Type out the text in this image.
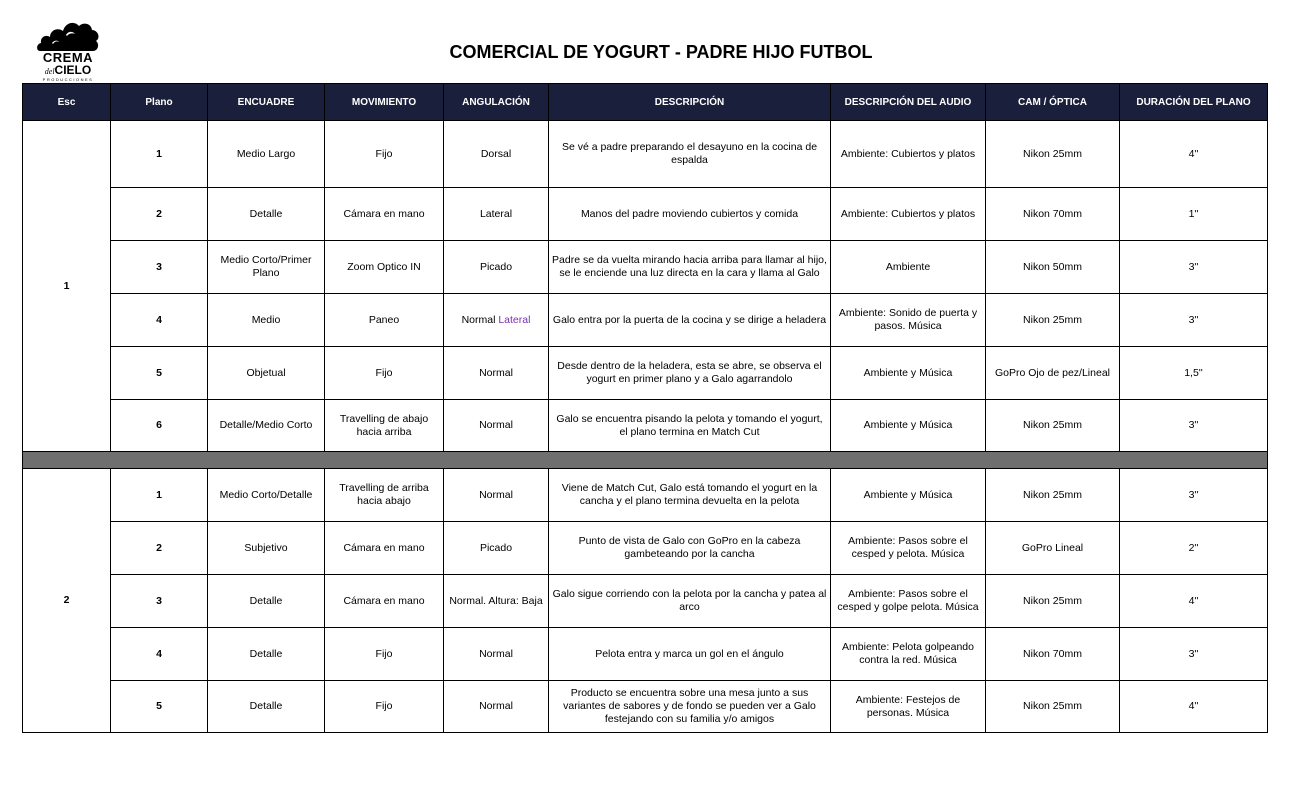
CREMA
delCIELO
PRODUCCIONES
COMERCIAL DE YOGURT - PADRE HIJO FUTBOL
Esc	Plano	ENCUADRE	MOVIMIENTO	ANGULACIÓN	DESCRIPCIÓN	DESCRIPCIÓN DEL AUDIO	CAM / ÓPTICA	DURACIÓN DEL PLANO
1	1	Medio Largo	Fijo	Dorsal	Se vé a padre preparando el desayuno en la cocina de espalda	Ambiente: Cubiertos y platos	Nikon 25mm	4''
	2	Detalle	Cámara en mano	Lateral	Manos del padre moviendo cubiertos y comida	Ambiente: Cubiertos y platos	Nikon 70mm	1''
	3	Medio Corto/Primer Plano	Zoom Optico IN	Picado	Padre se da vuelta mirando hacia arriba para llamar al hijo, se le enciende una luz directa en la cara y llama al Galo	Ambiente	Nikon 50mm	3''
	4	Medio	Paneo	Normal Lateral	Galo entra por la puerta de la cocina y se dirige a heladera	Ambiente: Sonido de puerta y pasos. Música	Nikon 25mm	3''
	5	Objetual	Fijo	Normal	Desde dentro de la heladera, esta se abre, se observa el yogurt en primer plano y a Galo agarrandolo	Ambiente y Música	GoPro Ojo de pez/Lineal	1,5''
	6	Detalle/Medio Corto	Travelling de abajo hacia arriba	Normal	Galo se encuentra pisando la pelota y tomando el yogurt, el plano termina en Match Cut	Ambiente y Música	Nikon 25mm	3''

2	1	Medio Corto/Detalle	Travelling de arriba hacia abajo	Normal	Viene de Match Cut, Galo está tomando el yogurt en la cancha y el plano termina devuelta en la pelota	Ambiente y Música	Nikon 25mm	3''
	2	Subjetivo	Cámara en mano	Picado	Punto de vista de Galo con GoPro en la cabeza gambeteando por la cancha	Ambiente: Pasos sobre el cesped y pelota. Música	GoPro Lineal	2''
	3	Detalle	Cámara en mano	Normal. Altura: Baja	Galo sigue corriendo con la pelota por la cancha y patea al arco	Ambiente: Pasos sobre el cesped y golpe pelota. Música	Nikon 25mm	4''
	4	Detalle	Fijo	Normal	Pelota entra y marca un gol en el ángulo	Ambiente: Pelota golpeando contra la red. Música	Nikon 70mm	3''
	5	Detalle	Fijo	Normal	Producto se encuentra sobre una mesa junto a sus variantes de sabores y de fondo se pueden ver a Galo festejando con su familia y/o amigos	Ambiente: Festejos de personas. Música	Nikon 25mm	4''
